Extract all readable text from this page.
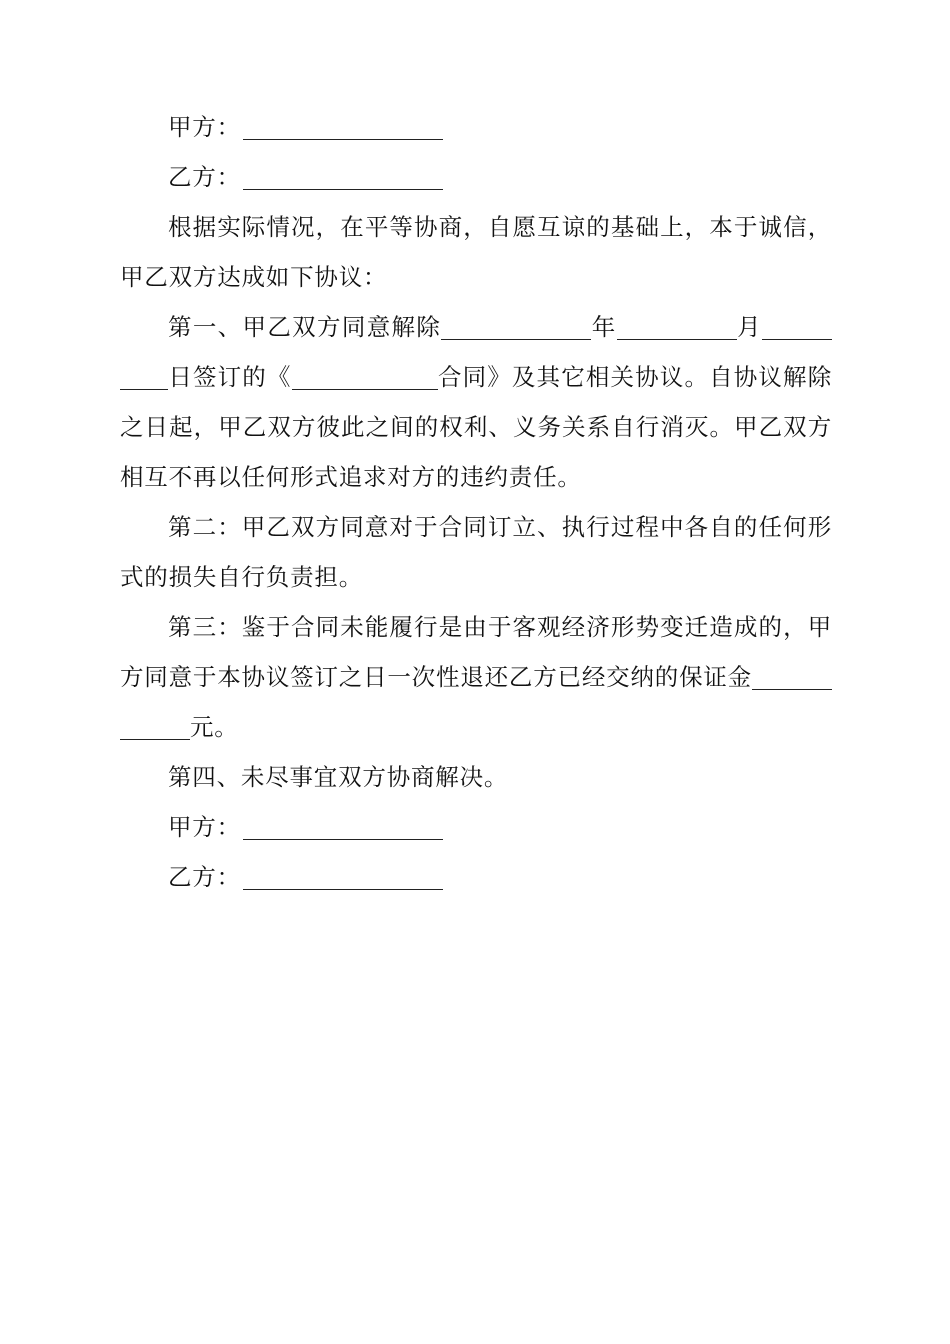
甲方：

乙方：

根据实际情况，在平等协商，自愿互谅的基础上，本于诚信，甲乙双方达成如下协议：

第一、甲乙双方同意解除	年	月日签订的《	合同》及其它相关协议。自协议解除之日起，甲乙双方彼此之间的权利、义务关系自行消灭。甲乙双方相互不再以任何形式追求对方的违约责任。

第二：甲乙双方同意对于合同订立、执行过程中各自的任何形式的损失自行负责担。

第三：鉴于合同未能履行是由于客观经济形势变迁造成的，甲方同意于本协议签订之日一次性退还乙方已经交纳的保证金元。

第四、未尽事宜双方协商解决。

甲方：

乙方：
